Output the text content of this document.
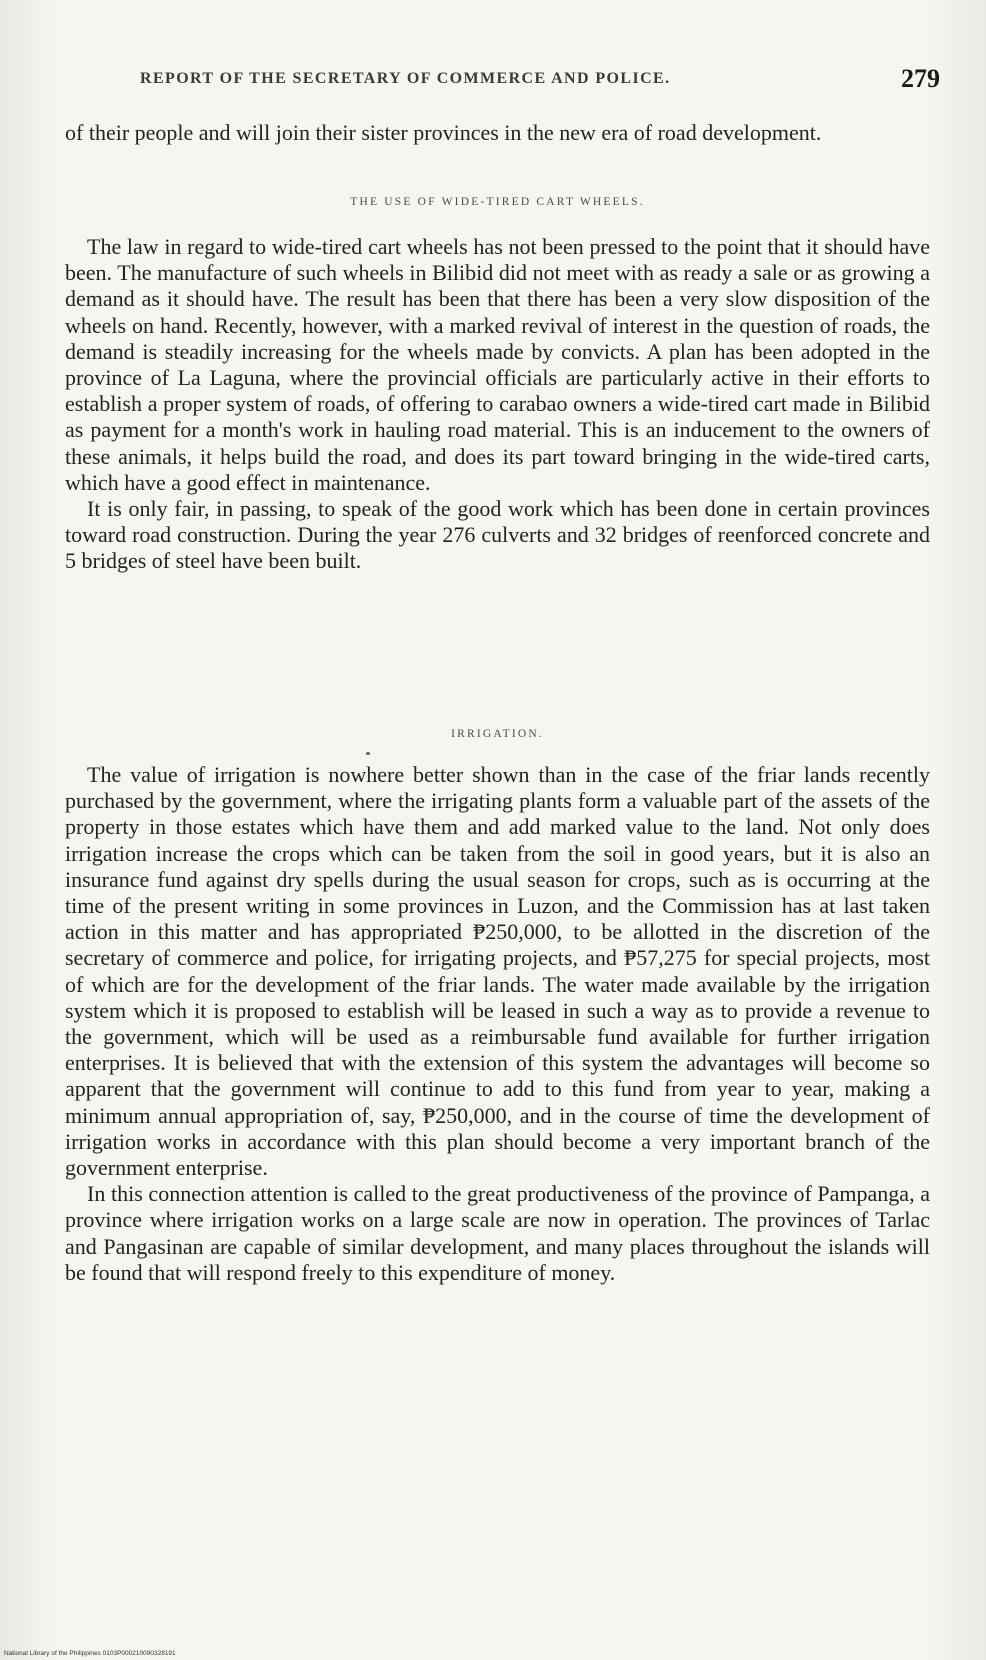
REPORT OF THE SECRETARY OF COMMERCE AND POLICE.	279

of their people and will join their sister provinces in the new era of road development.

THE USE OF WIDE-TIRED CART WHEELS.

The law in regard to wide-tired cart wheels has not been pressed to the point that it should have been. The manufacture of such wheels in Bilibid did not meet with as ready a sale or as growing a demand as it should have. The result has been that there has been a very slow disposition of the wheels on hand. Recently, however, with a marked revival of interest in the question of roads, the demand is steadily increasing for the wheels made by convicts. A plan has been adopted in the province of La Laguna, where the provincial officials are particularly active in their efforts to establish a proper system of roads, of offering to carabao owners a wide-tired cart made in Bilibid as payment for a month's work in hauling road material. This is an inducement to the owners of these animals, it helps build the road, and does its part toward bringing in the wide-tired carts, which have a good effect in maintenance.

It is only fair, in passing, to speak of the good work which has been done in certain provinces toward road construction. During the year 276 culverts and 32 bridges of reenforced concrete and 5 bridges of steel have been built.

IRRIGATION.

The value of irrigation is nowhere better shown than in the case of the friar lands recently purchased by the government, where the irrigating plants form a valuable part of the assets of the property in those estates which have them and add marked value to the land. Not only does irrigation increase the crops which can be taken from the soil in good years, but it is also an insurance fund against dry spells during the usual season for crops, such as is occurring at the time of the present writing in some provinces in Luzon, and the Commission has at last taken action in this matter and has appropriated ₱250,000, to be allotted in the discretion of the secretary of commerce and police, for irrigating projects, and ₱57,275 for special projects, most of which are for the development of the friar lands. The water made available by the irrigation system which it is proposed to establish will be leased in such a way as to provide a revenue to the government, which will be used as a reimbursable fund available for further irrigation enterprises. It is believed that with the extension of this system the advantages will become so apparent that the government will continue to add to this fund from year to year, making a minimum annual appropriation of, say, ₱250,000, and in the course of time the development of irrigation works in accordance with this plan should become a very important branch of the government enterprise.

In this connection attention is called to the great productiveness of the province of Pampanga, a province where irrigation works on a large scale are now in operation. The provinces of Tarlac and Pangasinan are capable of similar development, and many places throughout the islands will be found that will respond freely to this expenditure of money.

National Library of the Philippines 0103P000210090328191
